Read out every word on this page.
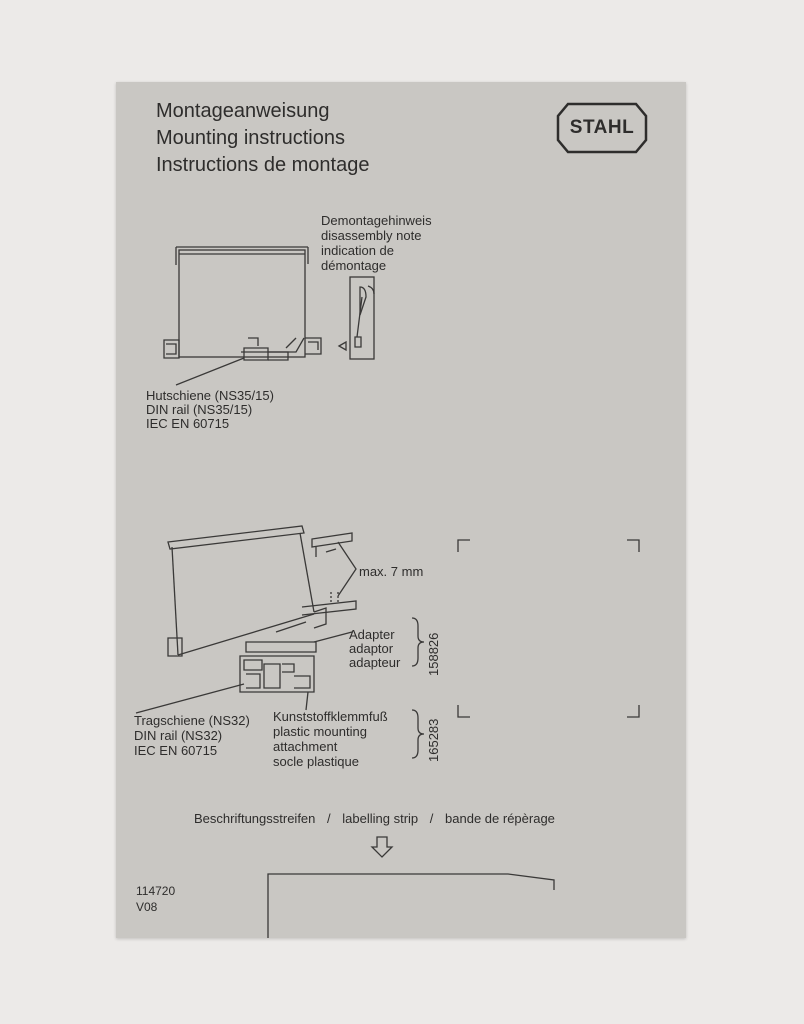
Montageanweisung
Mounting instructions
Instructions de montage
STAHL
Demontagehinweis
disassembly note
indication de
démontage
Hutschiene (NS35/15)
DIN rail (NS35/15)
IEC EN 60715
max. 7 mm
Adapter
adaptor
adapteur 158826
Kunststoffklemmfuß
plastic mounting
attachment
socle plastique	165283
Tragschiene (NS32)
DIN rail (NS32)
IEC EN 60715
Beschriftungsstreifen / labelling strip / bande de répèrage
114720
V08
